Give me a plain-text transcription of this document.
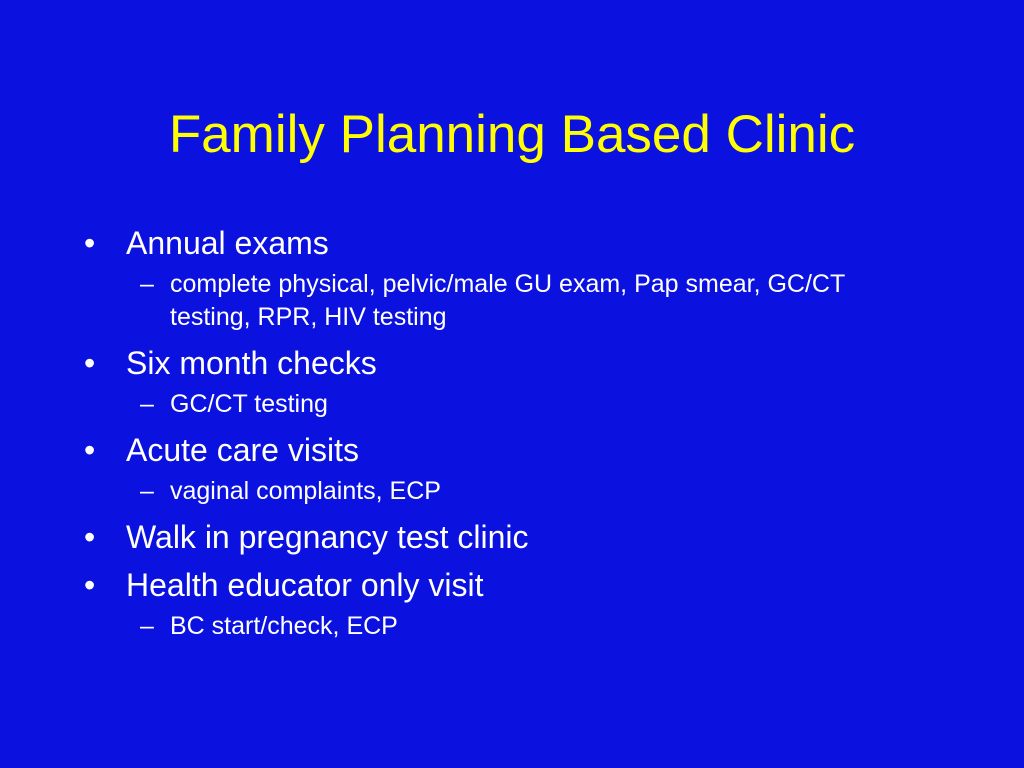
Family Planning Based Clinic
• Annual exams
– complete physical, pelvic/male GU exam, Pap smear, GC/CT testing, RPR, HIV testing
• Six month checks
– GC/CT testing
• Acute care visits
– vaginal complaints, ECP
• Walk in pregnancy test clinic
• Health educator only visit
– BC start/check, ECP
